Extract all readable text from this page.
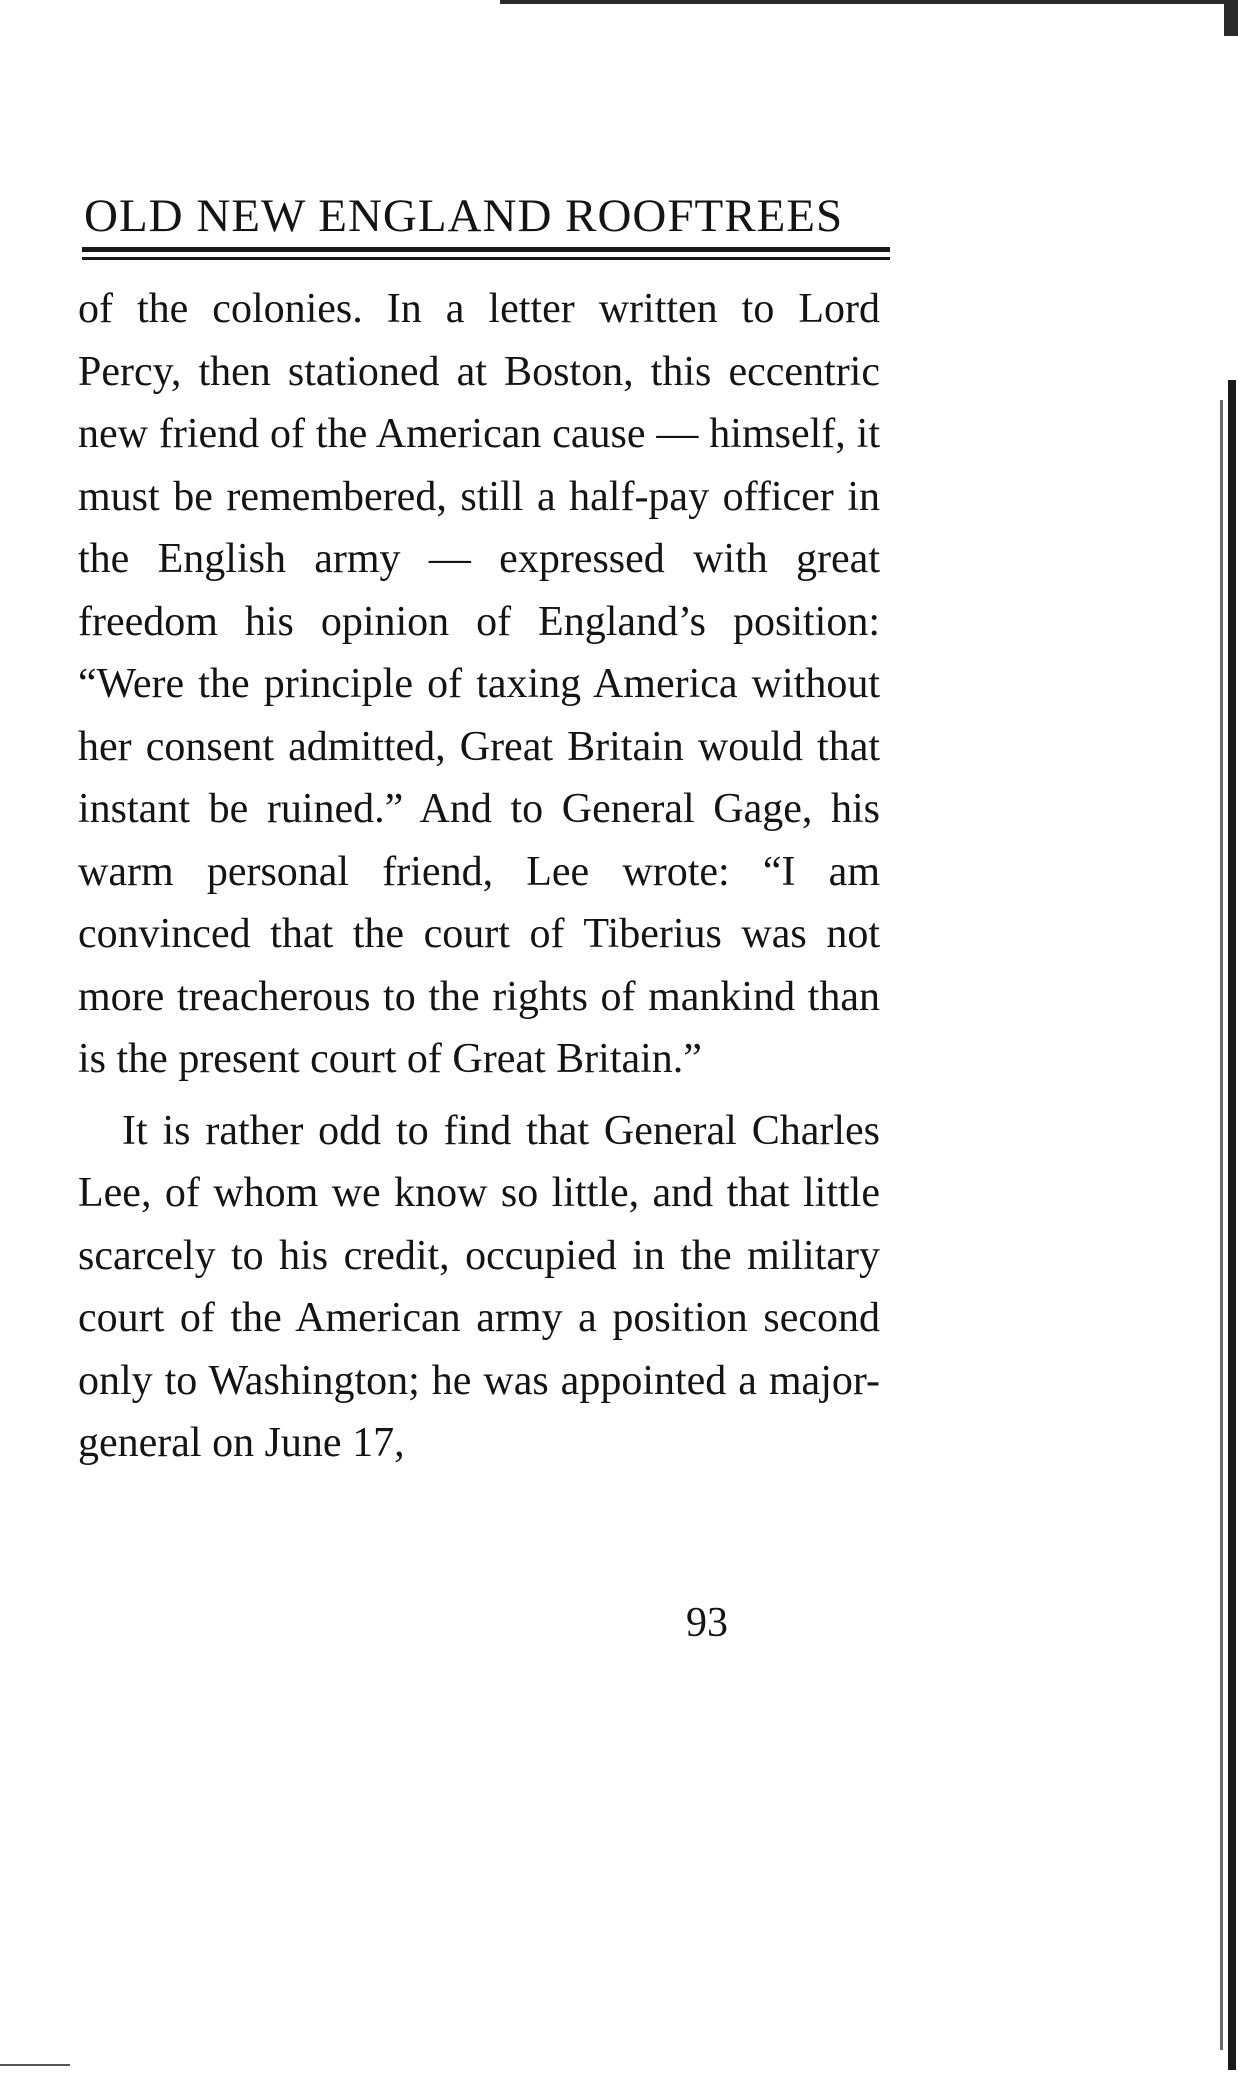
OLD NEW ENGLAND ROOFTREES

of the colonies. In a letter written to Lord Percy, then stationed at Boston, this eccentric new friend of the American cause — himself, it must be remembered, still a half-pay officer in the English army — expressed with great freedom his opinion of England’s position: “Were the principle of taxing America without her consent admitted, Great Britain would that instant be ruined.” And to General Gage, his warm personal friend, Lee wrote: “I am convinced that the court of Tiberius was not more treacherous to the rights of mankind than is the present court of Great Britain.”

It is rather odd to find that General Charles Lee, of whom we know so little, and that little scarcely to his credit, occupied in the military court of the American army a position second only to Washington; he was appointed a major-general on June 17,

93
